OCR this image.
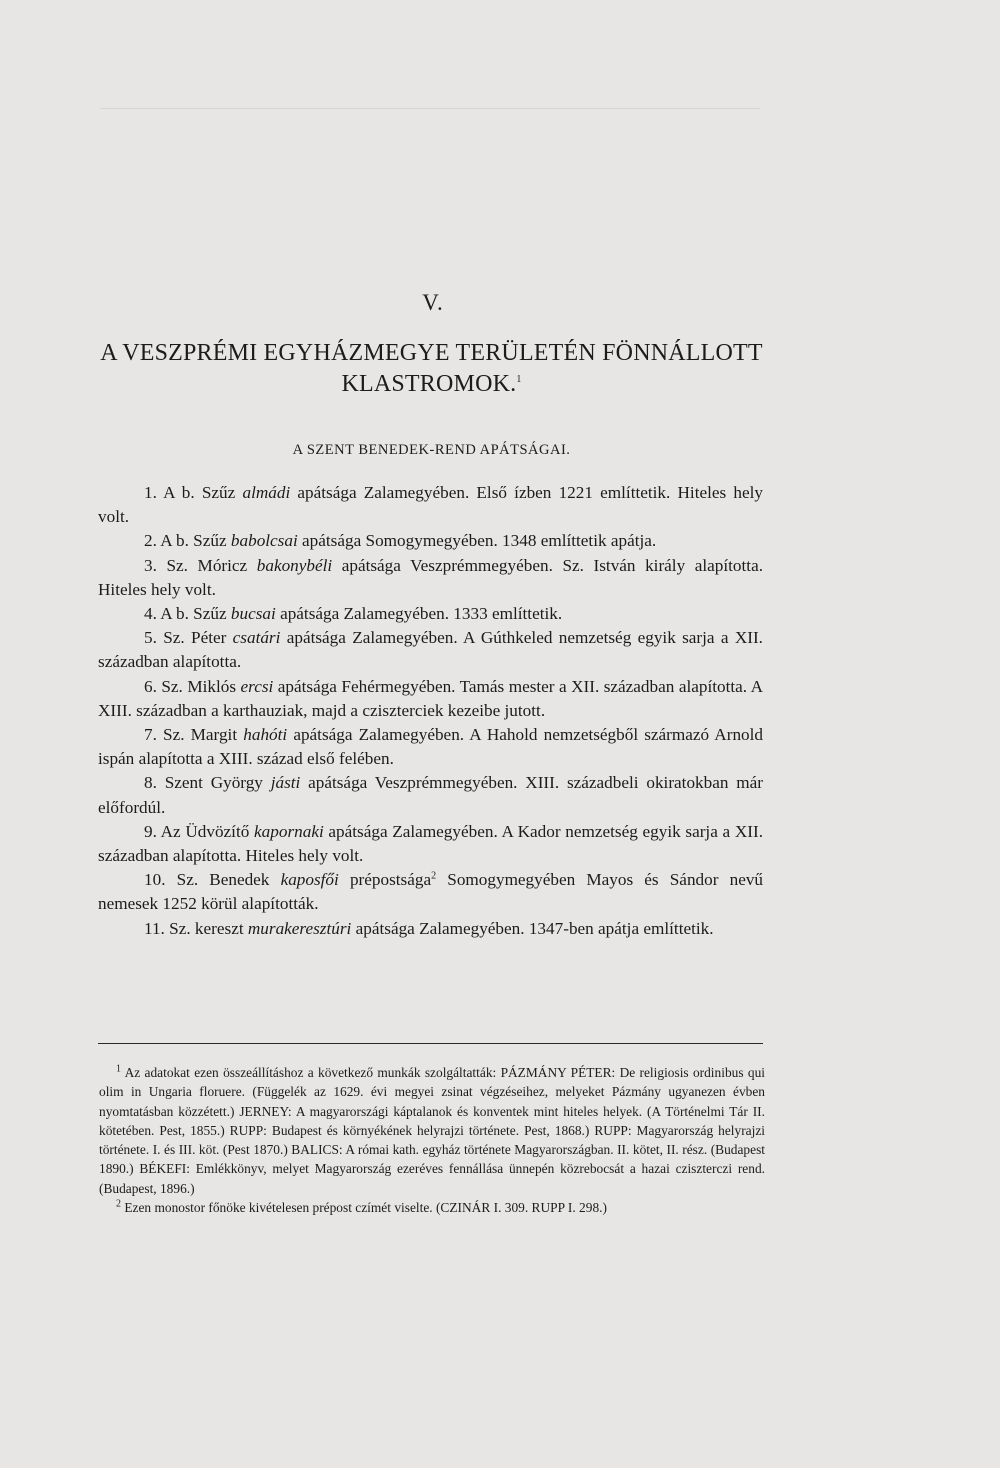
V.
A VESZPRÉMI EGYHÁZMEGYE TERÜLETÉN FÖNNÁLLOTT KLASTROMOK.$^1$
A SZENT BENEDEK-REND APÁTSÁGAI.

1. A b. Szűz almádi apátsága Zalamegyében. Első ízben 1221 említtetik. Hiteles hely volt.

2. A b. Szűz babolcsai apátsága Somogymegyében. 1348 említtetik apátja.

3. Sz. Móricz bakonybéli apátsága Veszprémmegyében. Sz. István király alapította. Hiteles hely volt.

4. A b. Szűz bucsai apátsága Zalamegyében. 1333 említtetik.

5. Sz. Péter csatári apátsága Zalamegyében. A Gúthkeled nemzetség egyik sarja a XII. században alapította.

6. Sz. Miklós ercsi apátsága Fehérmegyében. Tamás mester a XII. században alapította. A XIII. században a karthauziak, majd a cziszterciek kezeibe jutott.

7. Sz. Margit hahóti apátsága Zalamegyében. A Hahold nemzetségből származó Arnold ispán alapította a XIII. század első felében.

8. Szent György jásti apátsága Veszprémmegyében. XIII. századbeli okiratokban már előfordúl.

9. Az Üdvözítő kapornaki apátsága Zalamegyében. A Kador nemzetség egyik sarja a XII. században alapította. Hiteles hely volt.

10. Sz. Benedek kaposfői prépostsága$^2$ Somogymegyében Mayos és Sándor nevű nemesek 1252 körül alapították.

11. Sz. kereszt murakeresztúri apátsága Zalamegyében. 1347-ben apátja említtetik.

$^1$ Az adatokat ezen összeállításhoz a következő munkák szolgáltatták: PÁZMÁNY PÉTER: De religiosis ordinibus qui olim in Ungaria floruere. (Függelék az 1629. évi megyei zsinat végzéseihez, melyeket Pázmány ugyanezen évben nyomtatásban közzétett.) JERNEY: A magyarországi káptalanok és konventek mint hiteles helyek. (A Történelmi Tár II. kötetében. Pest, 1855.) RUPP: Budapest és környékének helyrajzi története. Pest, 1868.) RUPP: Magyarország helyrajzi története. I. és III. köt. (Pest 1870.) BALICS: A római kath. egyház története Magyarországban. II. kötet, II. rész. (Budapest 1890.) BÉKEFI: Emlékkönyv, melyet Magyarország ezeréves fennállása ünnepén közrebocsát a hazai cziszterczi rend. (Budapest, 1896.)

$^2$ Ezen monostor főnöke kivételesen prépost czímét viselte. (CZINÁR I. 309. RUPP I. 298.)
